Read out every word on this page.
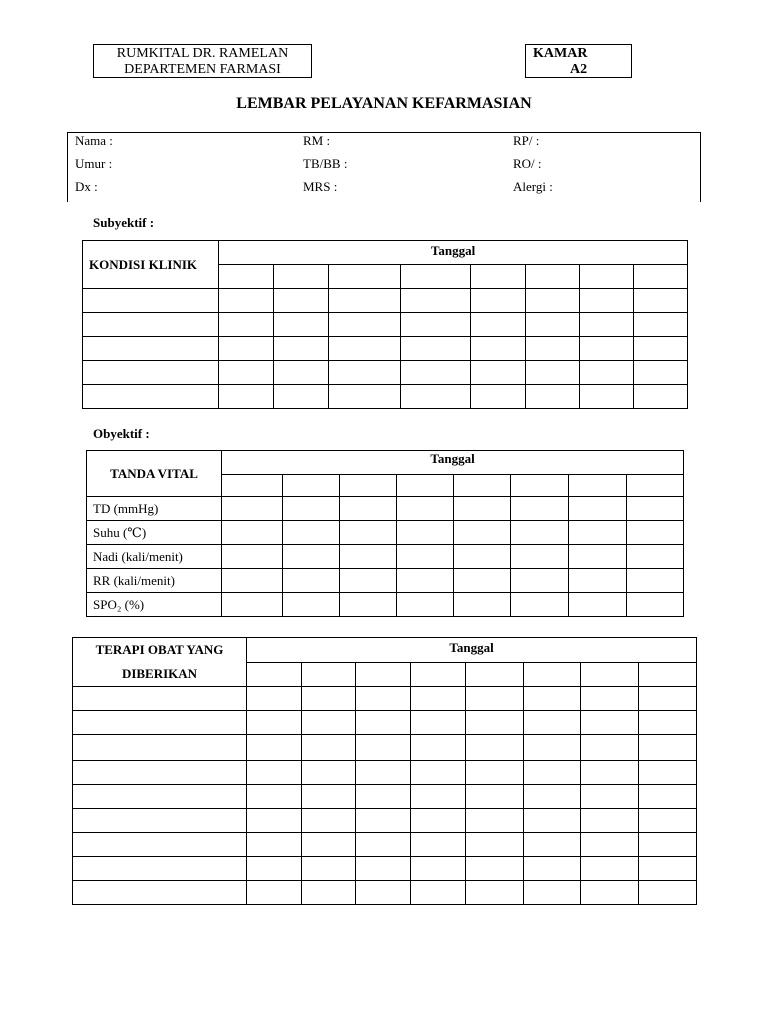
RUMKITAL DR. RAMELAN
DEPARTEMEN FARMASI
KAMAR
A2
LEMBAR PELAYANAN KEFARMASIAN
Nama :	RM :	RP/ :
Umur :	TB/BB :	RO/ :
Dx :	MRS :	Alergi :
Subyektif :
KONDISI KLINIK	Tanggal							

Obyektif :
TANDA VITAL	Tanggal							

TD (mmHg)								
Suhu (℃)								
Nadi (kali/menit)								
RR (kali/menit)								
SPO₂ (%)								
TERAPI OBAT YANG DIBERIKAN	Tanggal							
